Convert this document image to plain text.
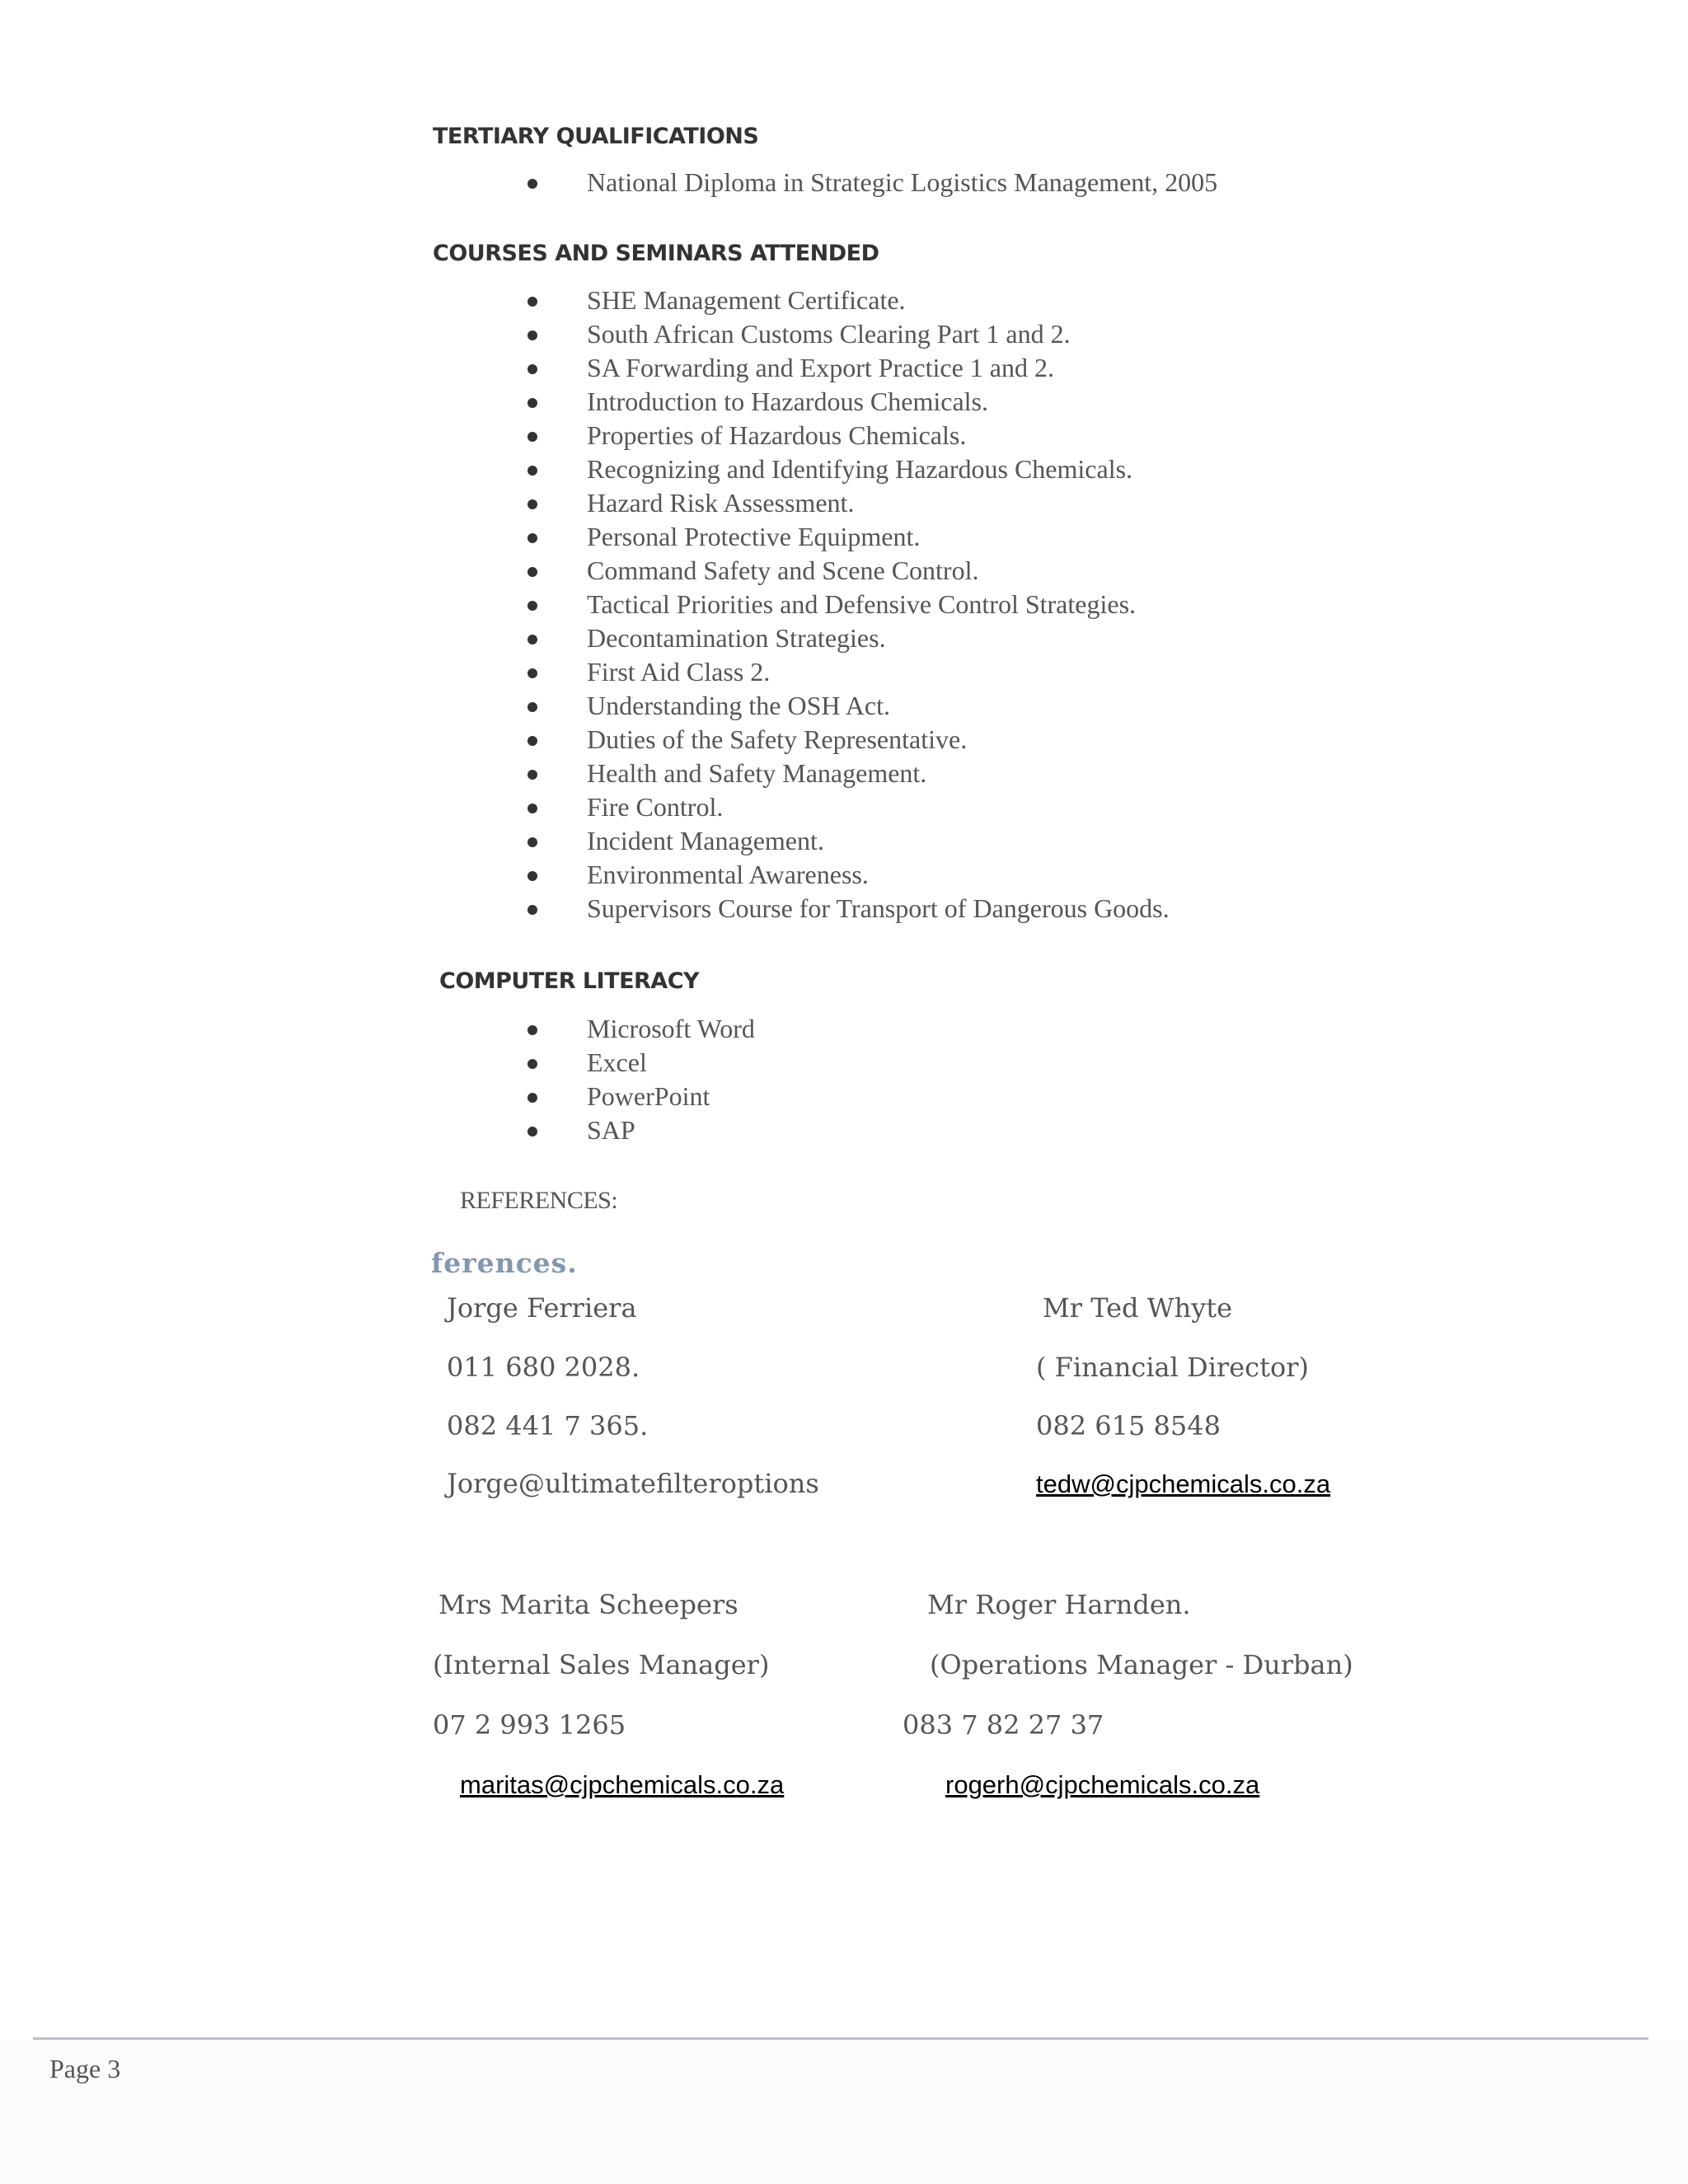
TERTIARY QUALIFICATIONS
National Diploma in Strategic Logistics Management, 2005
COURSES AND SEMINARS ATTENDED
SHE Management Certificate.
South African Customs Clearing Part 1 and 2.
SA Forwarding and Export Practice 1 and 2.
Introduction to Hazardous Chemicals.
Properties of Hazardous Chemicals.
Recognizing and Identifying Hazardous Chemicals.
Hazard Risk Assessment.
Personal Protective Equipment.
Command Safety and Scene Control.
Tactical Priorities and Defensive Control Strategies.
Decontamination Strategies.
First Aid Class 2.
Understanding the OSH Act.
Duties of the Safety Representative.
Health and Safety Management.
Fire Control.
Incident Management.
Environmental Awareness.
Supervisors Course for Transport of Dangerous Goods.
COMPUTER LITERACY
Microsoft Word
Excel
PowerPoint
SAP
REFERENCES:
ferences.
Jorge Ferriera
011 680 2028.
082 441 7 365.
Jorge@ultimatefilteroptions
Mr Ted Whyte
( Financial Director)
082 615 8548
tedw@cjpchemicals.co.za
Mrs Marita Scheepers
(Internal Sales Manager)
07 2 993 1265
maritas@cjpchemicals.co.za
Mr Roger Harnden.
(Operations Manager - Durban)
083 7 82 27 37
rogerh@cjpchemicals.co.za
Page 3
